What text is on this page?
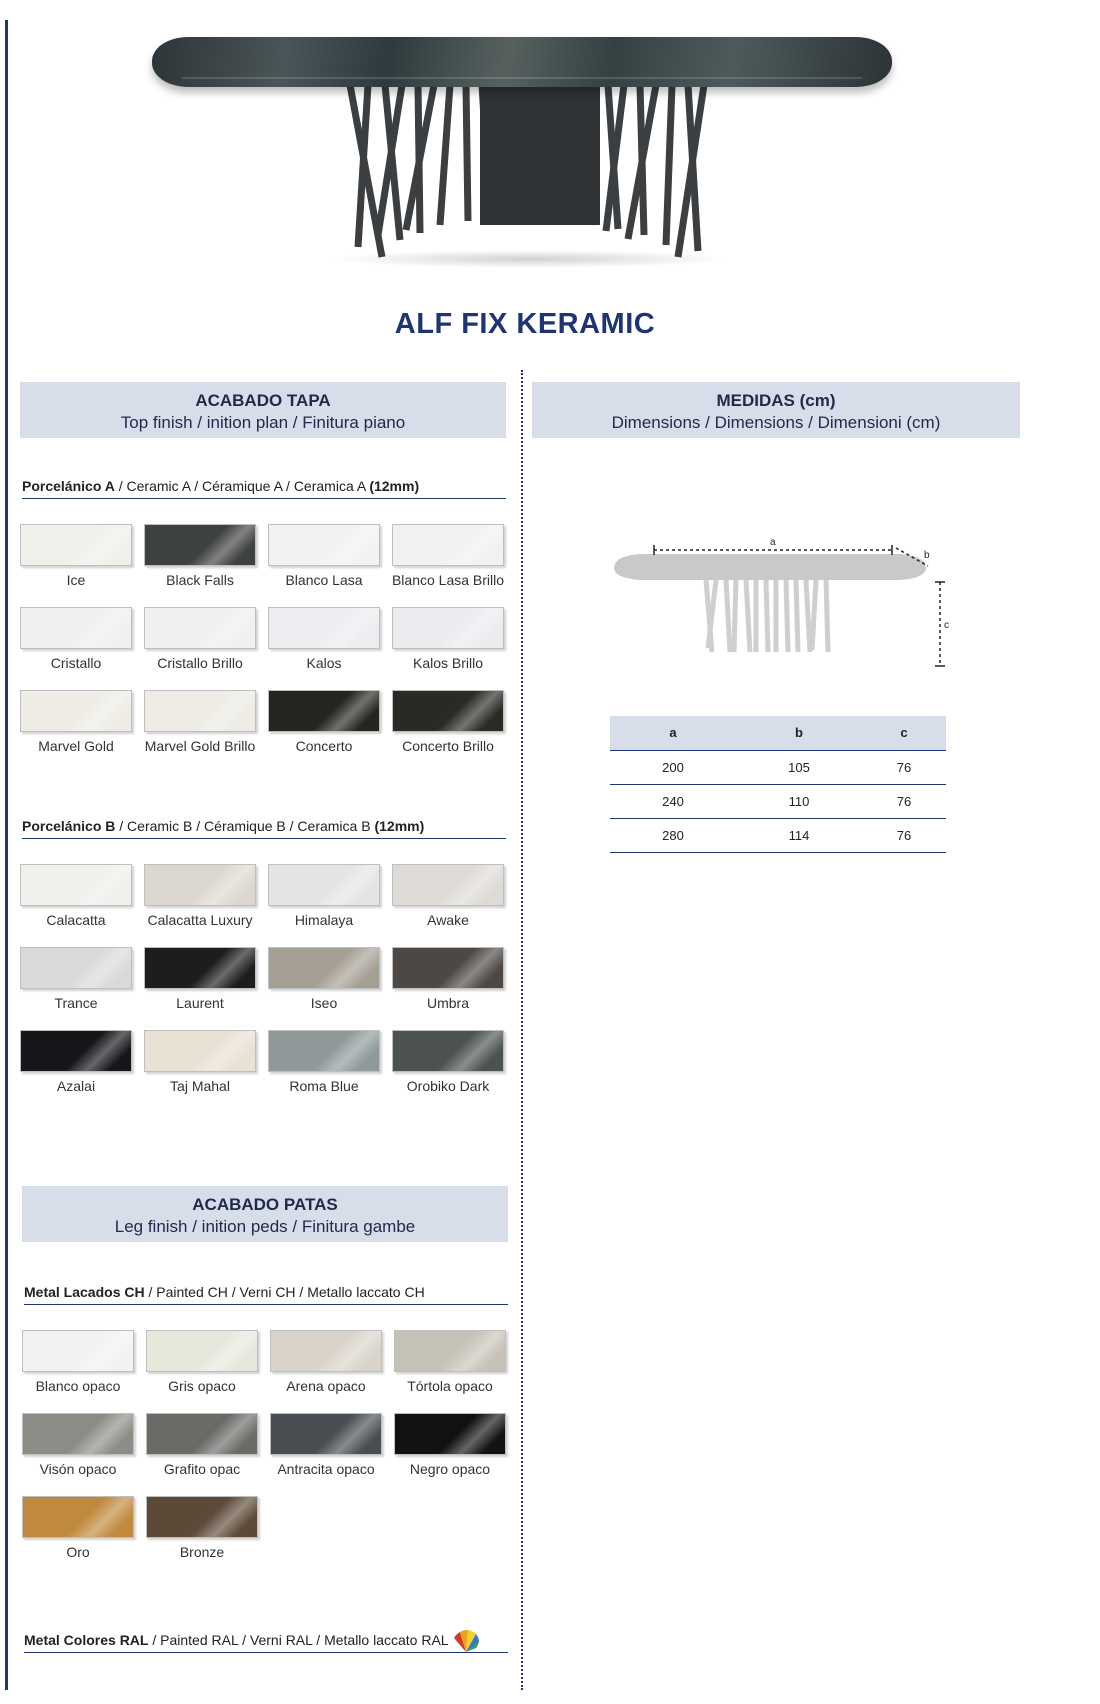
ALF FIX KERAMIC
ACABADO TAPA
Top finish / inition plan / Finitura piano
Porcelánico A / Ceramic A / Céramique A / Ceramica A (12mm)
Ice	Black Falls	Blanco Lasa	Blanco Lasa Brillo
Cristallo	Cristallo Brillo	Kalos	Kalos Brillo
Marvel Gold	Marvel Gold Brillo	Concerto	Concerto Brillo
Porcelánico B / Ceramic B / Céramique B / Ceramica B (12mm)
Calacatta	Calacatta Luxury	Himalaya	Awake
Trance	Laurent	Iseo	Umbra
Azalai	Taj Mahal	Roma Blue	Orobiko Dark
ACABADO PATAS
Leg finish / inition peds / Finitura gambe
Metal Lacados CH / Painted CH / Verni CH / Metallo laccato CH
Blanco opaco	Gris opaco	Arena opaco	Tórtola opaco
Visón opaco	Grafito opac	Antracita opaco	Negro opaco
Oro	Bronze
Metal Colores RAL / Painted RAL / Verni RAL / Metallo laccato RAL
MEDIDAS (cm)
Dimensions / Dimensions / Dimensioni (cm)
a
b
c
a	b	c
200	105	76
240	110	76
280	114	76
